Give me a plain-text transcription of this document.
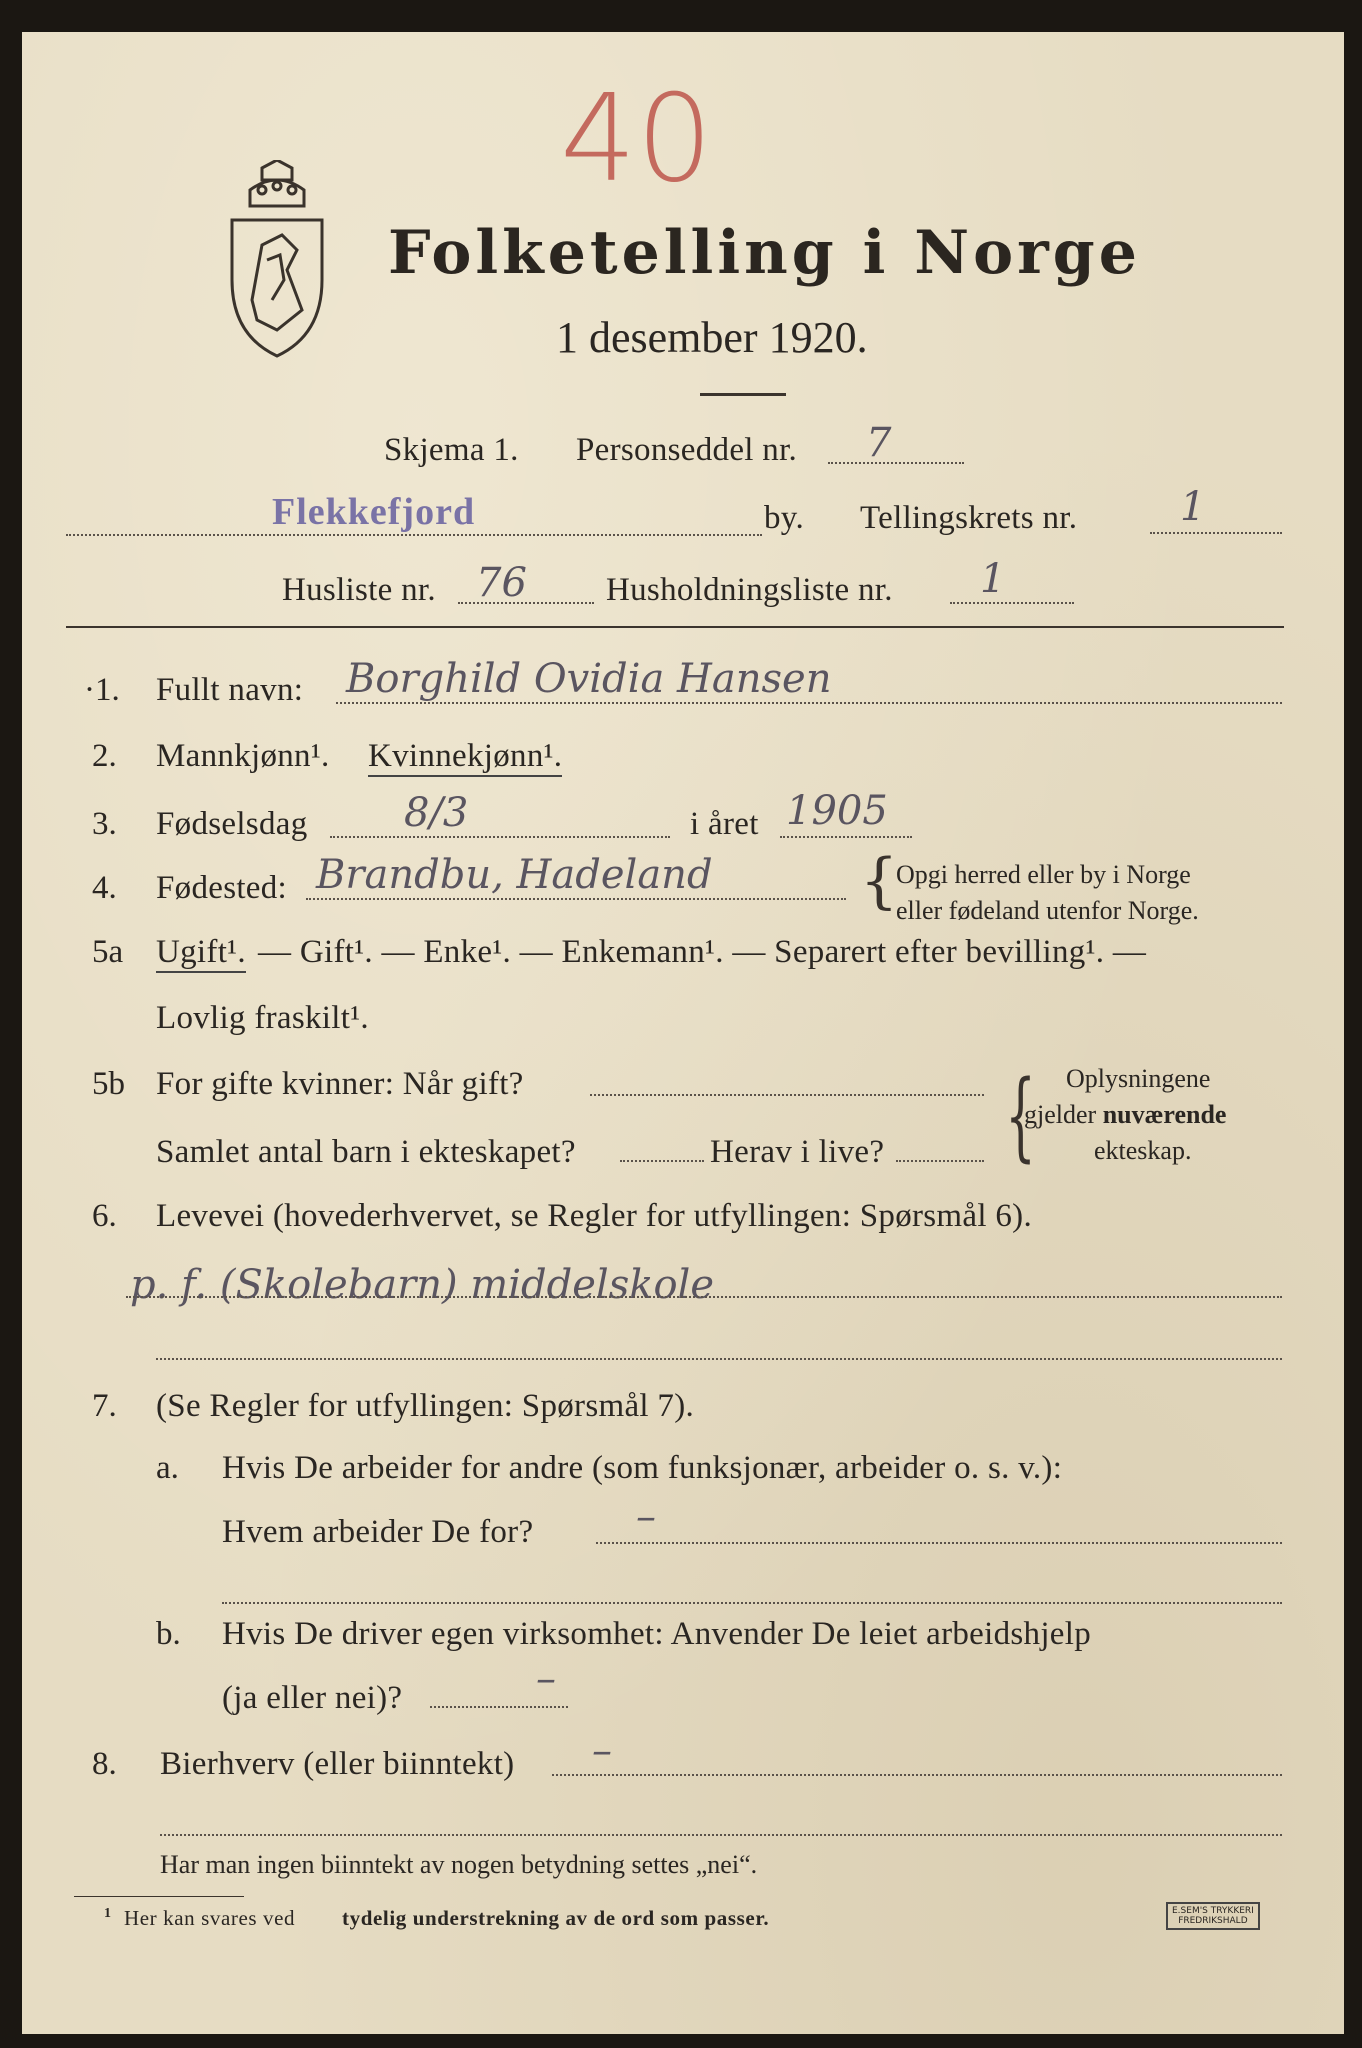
40
Folketelling i Norge
1 desember 1920.
Skjema 1. Personseddel nr. 7
Flekkefjord	by. Tellingskrets nr.	1
Husliste nr. 76 Husholdningsliste nr. 1
·1. Fullt navn: Borghild Ovidia Hansen
2. Mannkjønn¹. Kvinnekjønn¹.
3. Fødselsdag 8/3	i året 1905
4. Fødested: Brandbu, Hadeland {
Opgi herred eller by i Norge
eller fødeland utenfor Norge.
5a Ugift¹. — Gift¹. — Enke¹. — Enkemann¹. — Separert efter bevilling¹. —
Lovlig fraskilt¹.
5b For gifte kvinner: Når gift?
Samlet antal barn i ekteskapet?	Herav i live? { Oplysningene
gjelder nuværende
ekteskap.
6. Levevei (hovederhvervet, se Regler for utfyllingen: Spørsmål 6).
p. f. (Skolebarn) middelskole
7. (Se Regler for utfyllingen: Spørsmål 7).
a. Hvis De arbeider for andre (som funksjonær, arbeider o. s. v.):
Hvem arbeider De for?	–
b. Hvis De driver egen virksomhet: Anvender De leiet arbeidshjelp
(ja eller nei)?	–
8. Bierhverv (eller biinntekt) –
Har man ingen biinntekt av nogen betydning settes „nei“.
1 Her kan svares ved tydelig understrekning av de ord som passer.	E.SEM'S TRYKKERI
FREDRIKSHALD
